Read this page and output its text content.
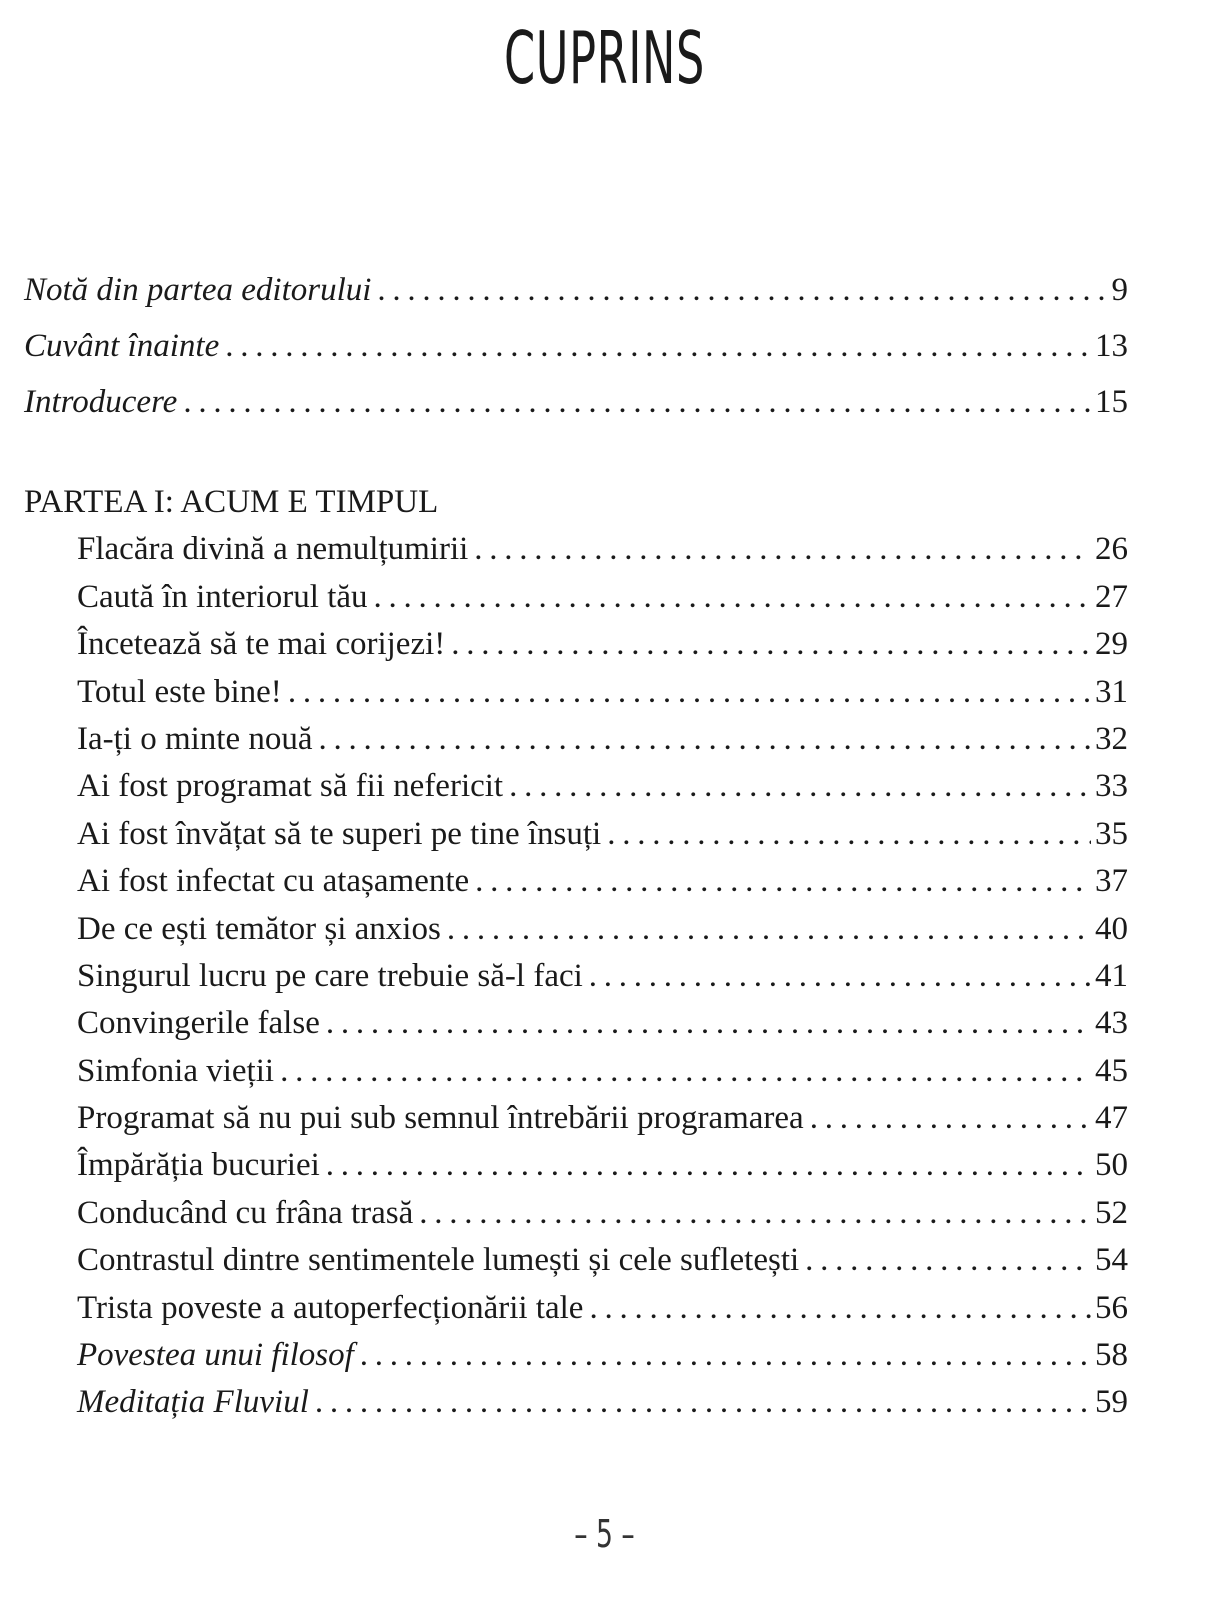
CUPRINS
Notă din partea editorului . . .	9
Cuvânt înainte . . .	13
Introducere . . .	15
PARTEA I: ACUM E TIMPUL
Flacăra divină a nemulțumirii . . .	26
Caută în interiorul tău . . .	27
Încetează să te mai corijezi! . . .	29
Totul este bine! . . .	31
Ia-ți o minte nouă . . .	32
Ai fost programat să fii nefericit . . .	33
Ai fost învățat să te superi pe tine însuți . . .	35
Ai fost infectat cu atașamente . . .	37
De ce ești temător și anxios . . .	40
Singurul lucru pe care trebuie să-l faci . . .	41
Convingerile false . . .	43
Simfonia vieții . . .	45
Programat să nu pui sub semnul întrebării programarea . . .	47
Împărăția bucuriei . . .	50
Conducând cu frâna trasă . . .	52
Contrastul dintre sentimentele lumești și cele sufletești . . .	54
Trista poveste a autoperfecționării tale . . .	56
Povestea unui filosof . . .	58
Meditația Fluviul . . .	59
– 5 –
